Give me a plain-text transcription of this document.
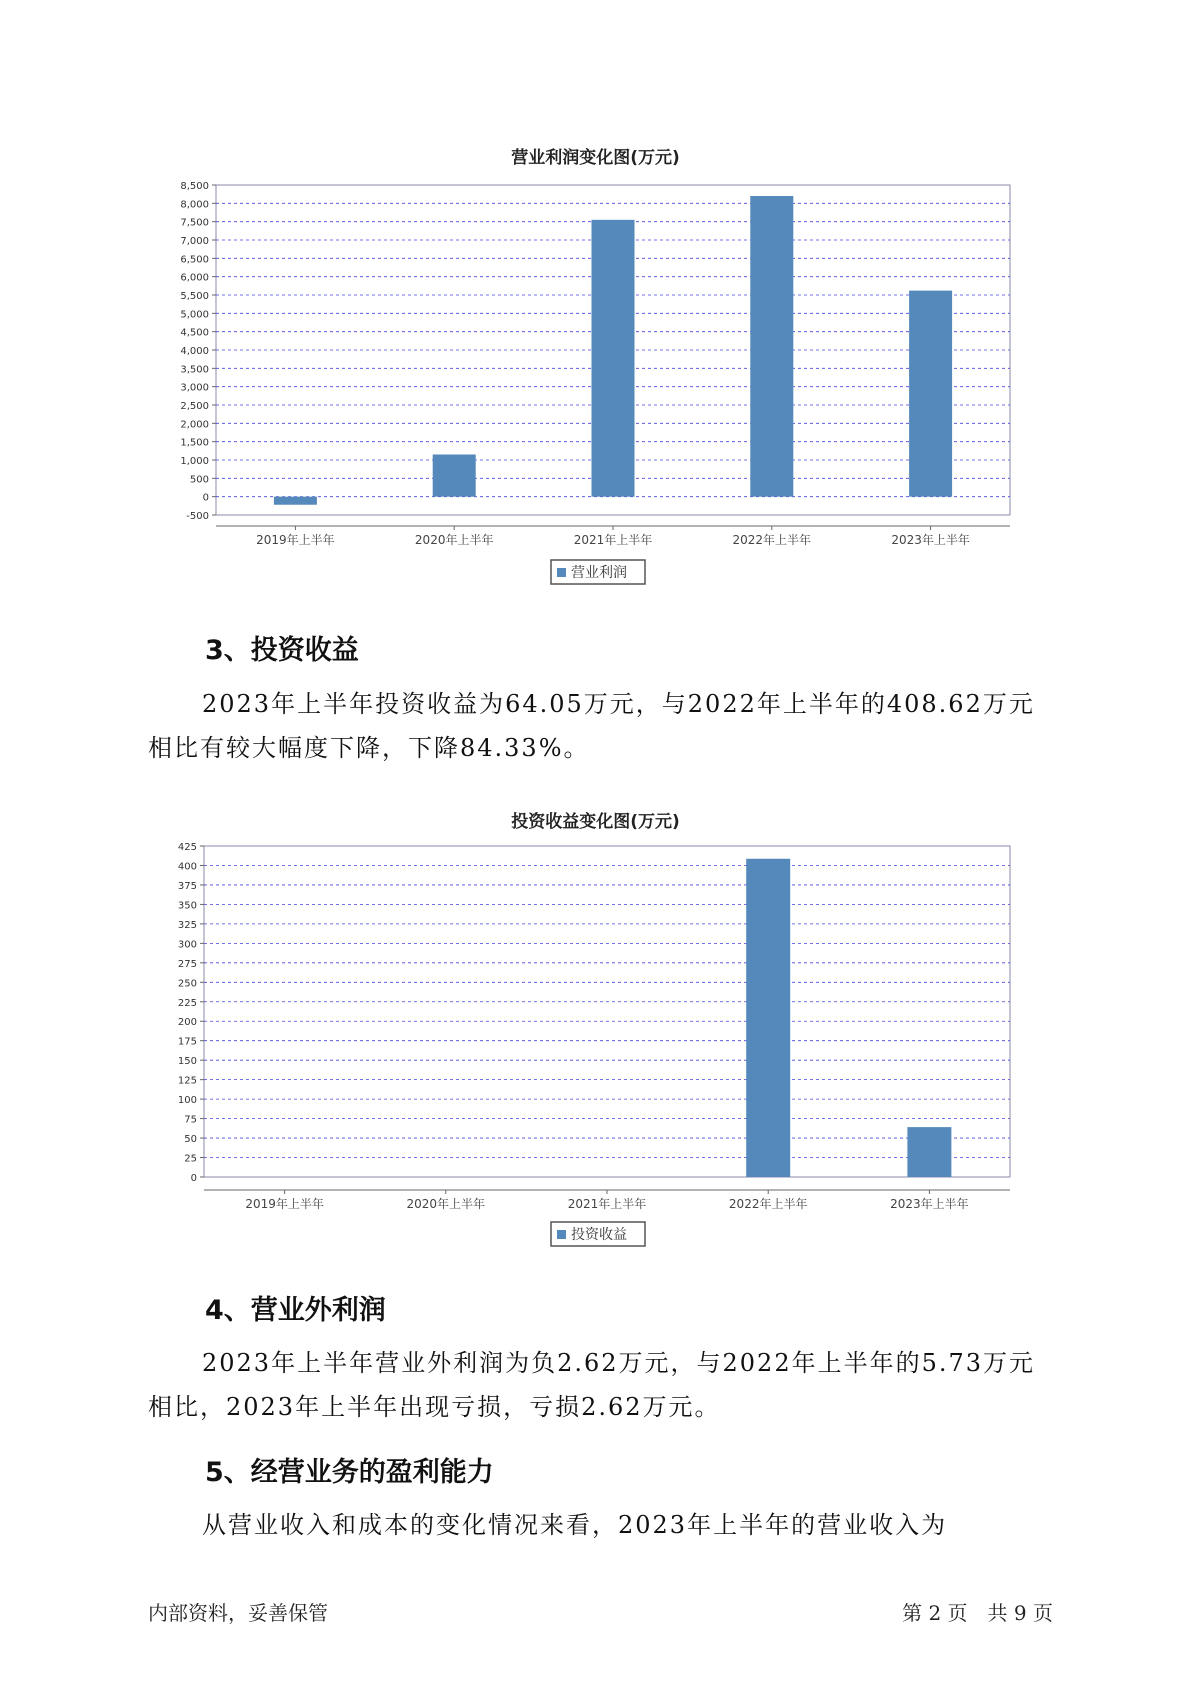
营业利润变化图(万元)
-500
0
500
1,000
1,500
2,000
2,500
3,000
3,500
4,000
4,500
5,000
5,500
6,000
6,500
7,000
7,500
8,000
8,500
2019年上半年	2020年上半年	2021年上半年	2022年上半年	2023年上半年
营业利润
3、投资收益

2023年上半年投资收益为64.05万元，与2022年上半年的408.62万元相比有较大幅度下降，下降84.33%。

投资收益变化图(万元)
0
25
50
75
100
125
150
175
200
225
250
275
300
325
350
375
400
425
2019年上半年	2020年上半年	2021年上半年	2022年上半年	2023年上半年
投资收益
4、营业外利润

2023年上半年营业外利润为负2.62万元，与2022年上半年的5.73万元相比，2023年上半年出现亏损，亏损2.62万元。

5、经营业务的盈利能力

从营业收入和成本的变化情况来看，2023年上半年的营业收入为

内部资料，妥善保管	第 2 页　共 9 页
